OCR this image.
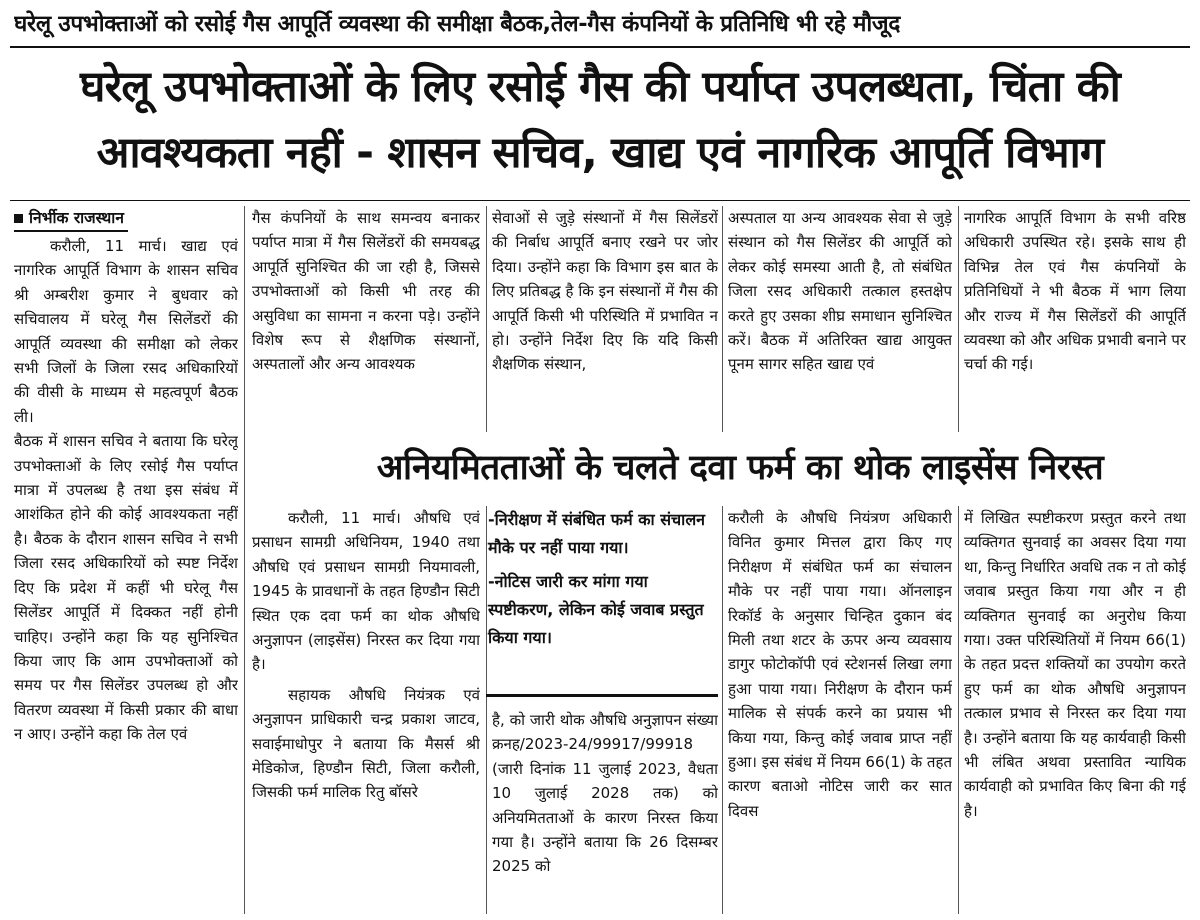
घरेलू उपभोक्ताओं को रसोई गैस आपूर्ति व्यवस्था की समीक्षा बैठक,तेल-गैस कंपनियों के प्रतिनिधि भी रहे मौजूद
घरेलू उपभोक्ताओं के लिए रसोई गैस की पर्याप्त उपलब्धता, चिंता की
आवश्यकता नहीं - शासन सचिव, खाद्य एवं नागरिक आपूर्ति विभाग
निर्भीक राजस्थान

करौली, 11 मार्च। खाद्य एवं नागरिक आपूर्ति विभाग के शासन सचिव श्री अम्बरीश कुमार ने बुधवार को सचिवालय में घरेलू गैस सिलेंडरों की आपूर्ति व्यवस्था की समीक्षा को लेकर सभी जिलों के जिला रसद अधिकारियों की वीसी के माध्यम से महत्वपूर्ण बैठक ली।

बैठक में शासन सचिव ने बताया कि घरेलू उपभोक्ताओं के लिए रसोई गैस पर्याप्त मात्रा में उपलब्ध है तथा इस संबंध में आशंकित होने की कोई आवश्यकता नहीं है। बैठक के दौरान शासन सचिव ने सभी जिला रसद अधिकारियों को स्पष्ट निर्देश दिए कि प्रदेश में कहीं भी घरेलू गैस सिलेंडर आपूर्ति में दिक्कत नहीं होनी चाहिए। उन्होंने कहा कि यह सुनिश्चित किया जाए कि आम उपभोक्ताओं को समय पर गैस सिलेंडर उपलब्ध हो और वितरण व्यवस्था में किसी प्रकार की बाधा न आए। उन्होंने कहा कि तेल एवं

गैस कंपनियों के साथ समन्वय बनाकर पर्याप्त मात्रा में गैस सिलेंडरों की समयबद्ध आपूर्ति सुनिश्चित की जा रही है, जिससे उपभोक्ताओं को किसी भी तरह की असुविधा का सामना न करना पड़े। उन्होंने विशेष रूप से शैक्षणिक संस्थानों, अस्पतालों और अन्य आवश्यक

सेवाओं से जुड़े संस्थानों में गैस सिलेंडरों की निर्बाध आपूर्ति बनाए रखने पर जोर दिया। उन्होंने कहा कि विभाग इस बात के लिए प्रतिबद्ध है कि इन संस्थानों में गैस की आपूर्ति किसी भी परिस्थिति में प्रभावित न हो। उन्होंने निर्देश दिए कि यदि किसी शैक्षणिक संस्थान,

अस्पताल या अन्य आवश्यक सेवा से जुड़े संस्थान को गैस सिलेंडर की आपूर्ति को लेकर कोई समस्या आती है, तो संबंधित जिला रसद अधिकारी तत्काल हस्तक्षेप करते हुए उसका शीघ्र समाधान सुनिश्चित करें। बैठक में अतिरिक्त खाद्य आयुक्त पूनम सागर सहित खाद्य एवं

नागरिक आपूर्ति विभाग के सभी वरिष्ठ अधिकारी उपस्थित रहे। इसके साथ ही विभिन्न तेल एवं गैस कंपनियों के प्रतिनिधियों ने भी बैठक में भाग लिया और राज्य में गैस सिलेंडरों की आपूर्ति व्यवस्था को और अधिक प्रभावी बनाने पर चर्चा की गई।

अनियमितताओं के चलते दवा फर्म का थोक लाइसेंस निरस्त

करौली, 11 मार्च। औषधि एवं प्रसाधन सामग्री अधिनियम, 1940 तथा औषधि एवं प्रसाधन सामग्री नियमावली, 1945 के प्रावधानों के तहत हिण्डौन सिटी स्थित एक दवा फर्म का थोक औषधि अनुज्ञापन (लाइसेंस) निरस्त कर दिया गया है।

सहायक औषधि नियंत्रक एवं अनुज्ञापन प्राधिकारी चन्द्र प्रकाश जाटव, सवाईमाधोपुर ने बताया कि मैसर्स श्री मेडिकोज, हिण्डौन सिटी, जिला करौली, जिसकी फर्म मालिक रितु बॉसरे

-निरीक्षण में संबंधित फर्म का संचालन मौके पर नहीं पाया गया।

-नोटिस जारी कर मांगा गया स्पष्टीकरण, लेकिन कोई जवाब प्रस्तुत किया गया।

है, को जारी थोक औषधि अनुज्ञापन संख्या क्रनह/2023-24/99917/99918 (जारी दिनांक 11 जुलाई 2023, वैधता 10 जुलाई 2028 तक) को अनियमितताओं के कारण निरस्त किया गया है। उन्होंने बताया कि 26 दिसम्बर 2025 को

करौली के औषधि नियंत्रण अधिकारी विनित कुमार मित्तल द्वारा किए गए निरीक्षण में संबंधित फर्म का संचालन मौके पर नहीं पाया गया। ऑनलाइन रिकॉर्ड के अनुसार चिन्हित दुकान बंद मिली तथा शटर के ऊपर अन्य व्यवसाय डागुर फोटोकॉपी एवं स्टेशनर्स लिखा लगा हुआ पाया गया। निरीक्षण के दौरान फर्म मालिक से संपर्क करने का प्रयास भी किया गया, किन्तु कोई जवाब प्राप्त नहीं हुआ। इस संबंध में नियम 66(1) के तहत कारण बताओ नोटिस जारी कर सात दिवस

में लिखित स्पष्टीकरण प्रस्तुत करने तथा व्यक्तिगत सुनवाई का अवसर दिया गया था, किन्तु निर्धारित अवधि तक न तो कोई जवाब प्रस्तुत किया गया और न ही व्यक्तिगत सुनवाई का अनुरोध किया गया। उक्त परिस्थितियों में नियम 66(1) के तहत प्रदत्त शक्तियों का उपयोग करते हुए फर्म का थोक औषधि अनुज्ञापन तत्काल प्रभाव से निरस्त कर दिया गया है। उन्होंने बताया कि यह कार्यवाही किसी भी लंबित अथवा प्रस्तावित न्यायिक कार्यवाही को प्रभावित किए बिना की गई है।
